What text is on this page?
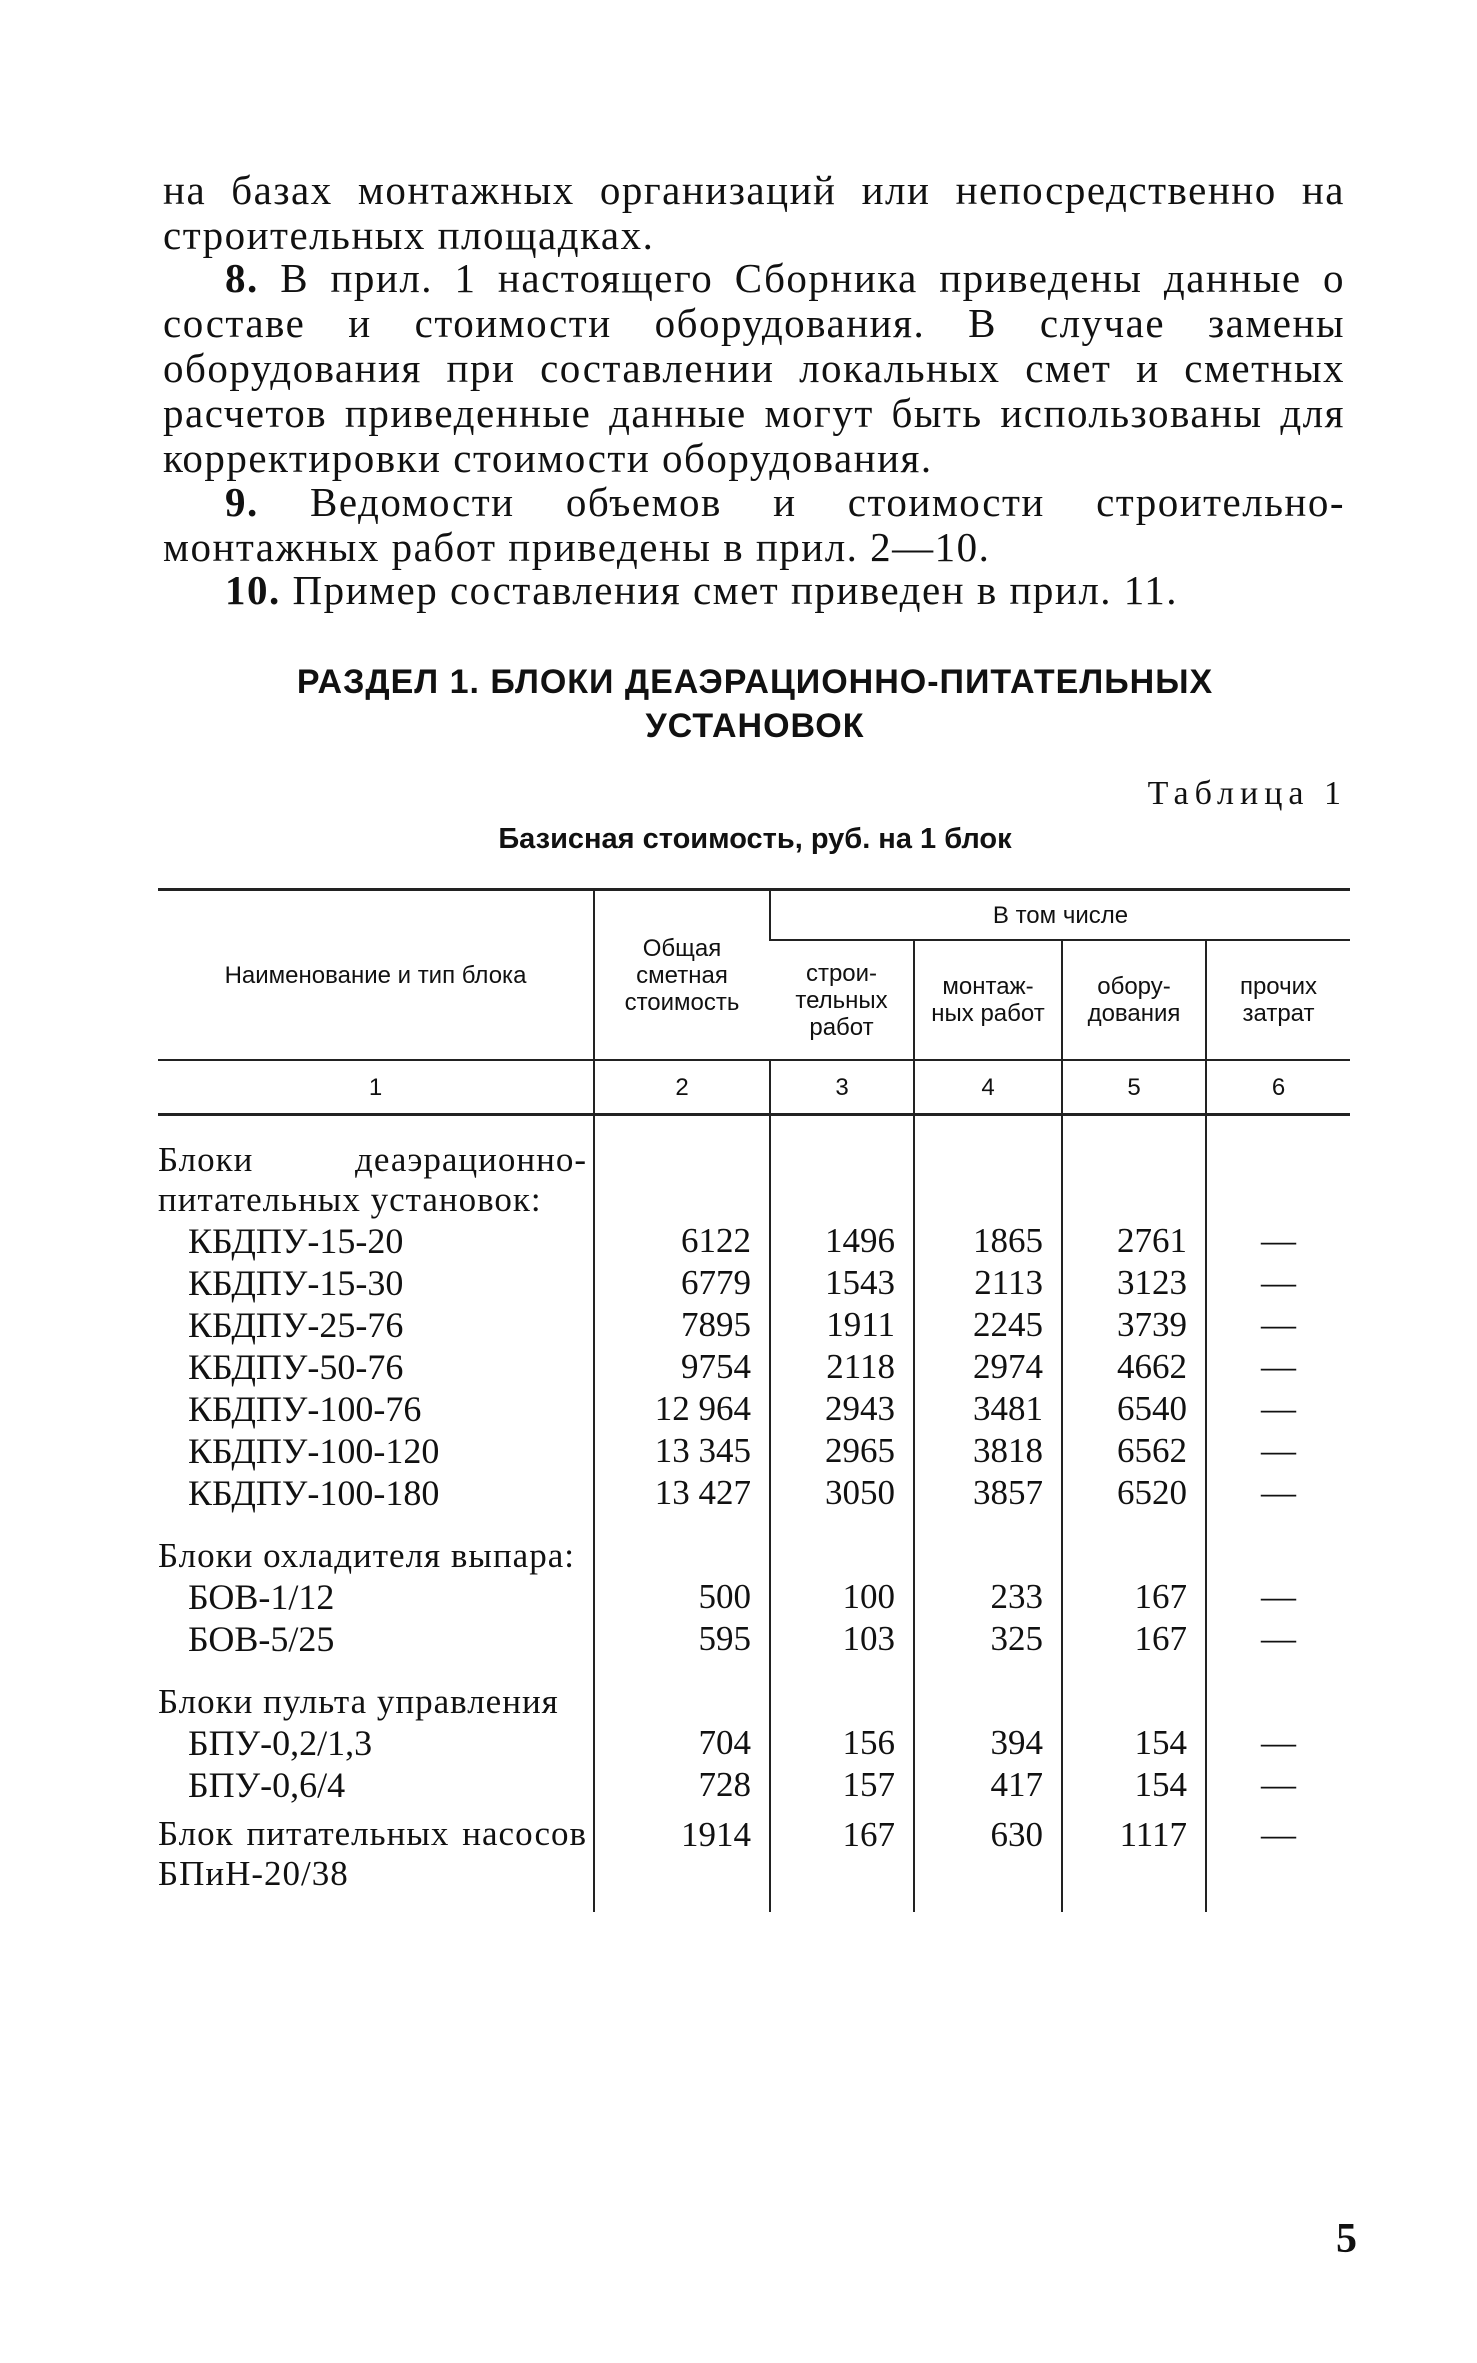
на базах монтажных организаций или непосредственно на строительных площадках.

8. В прил. 1 настоящего Сборника приведены данные о составе и стоимости оборудования. В случае замены оборудования при составлении локальных смет и сметных расчетов приведенные данные могут быть использованы для корректировки стоимости оборудования.

9. Ведомости объемов и стоимости строительно-монтажных работ приведены в прил. 2—10.

10. Пример составления смет приведен в прил. 11.

РАЗДЕЛ 1. БЛОКИ ДЕАЭРАЦИОННО-ПИТАТЕЛЬНЫХ
УСТАНОВОК
Таблица 1
Базисная стоимость, руб. на 1 блок
Наименование и тип блока	Общая сметная стоимость	В том числе			
		строи- тельных работ	монтаж- ных работ	обору- дования	прочих затрат
1	2	3	4	5	6

Блоки деаэрационно-питательных установок:					

КБДПУ-15-20	6122	1496	1865	2761	—

КБДПУ-15-30	6779	1543	2113	3123	—

КБДПУ-25-76	7895	1911	2245	3739	—

КБДПУ-50-76	9754	2118	2974	4662	—

КБДПУ-100-76	12 964	2943	3481	6540	—

КБДПУ-100-120	13 345	2965	3818	6562	—

КБДПУ-100-180	13 427	3050	3857	6520	—

Блоки охладителя выпара:					

БОВ-1/12	500	100	233	167	—

БОВ-5/25	595	103	325	167	—

Блоки пульта управления					

БПУ-0,2/1,3	704	156	394	154	—

БПУ-0,6/4	728	157	417	154	—

Блок питательных насосов БПиН-20/38	1914	167	630	1117	—

5
